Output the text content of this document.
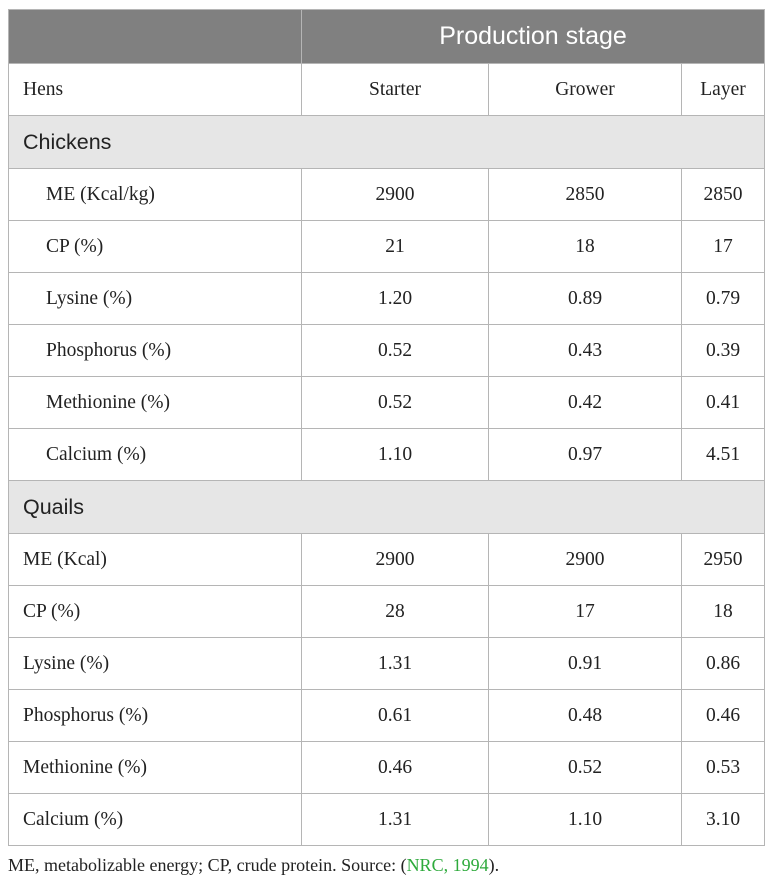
	Production stage		
Hens	Starter	Grower	Layer
Chickens			
ME (Kcal/kg)	2900	2850	2850
CP (%)	21	18	17
Lysine (%)	1.20	0.89	0.79
Phosphorus (%)	0.52	0.43	0.39
Methionine (%)	0.52	0.42	0.41
Calcium (%)	1.10	0.97	4.51
Quails			
ME (Kcal)	2900	2900	2950
CP (%)	28	17	18
Lysine (%)	1.31	0.91	0.86
Phosphorus (%)	0.61	0.48	0.46
Methionine (%)	0.46	0.52	0.53
Calcium (%)	1.31	1.10	3.10
ME, metabolizable energy; CP, crude protein. Source: (NRC, 1994).
